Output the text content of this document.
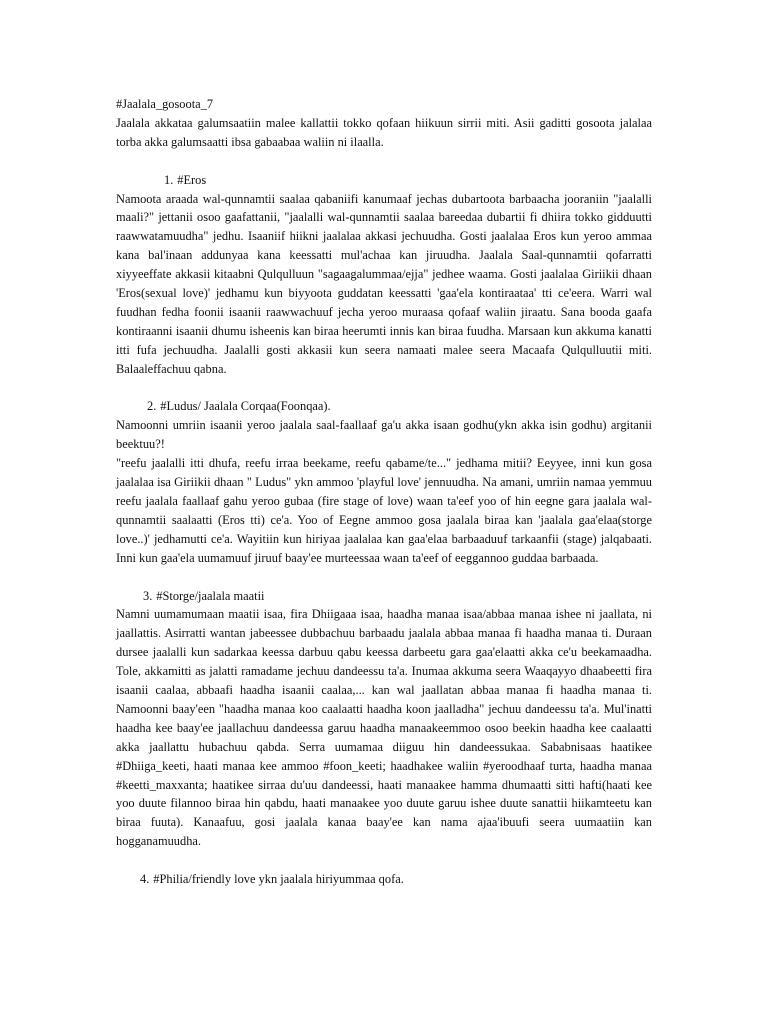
#Jaalala_gosoota_7

Jaalala akkataa galumsaatiin malee kallattii tokko qofaan hiikuun sirrii miti. Asii gaditti gosoota jalalaa torba akka galumsaatti ibsa gabaabaa waliin ni ilaalla.

1. #Eros

Namoota araada wal-qunnamtii saalaa qabaniifi kanumaaf jechas dubartoota barbaacha jooraniin "jaalalli maali?" jettanii osoo gaafattanii, "jaalalli wal-qunnamtii saalaa bareedaa dubartii fi dhiira tokko gidduutti raawwatamuudha" jedhu. Isaaniif hiikni jaalalaa akkasi jechuudha. Gosti jaalalaa Eros kun yeroo ammaa kana bal'inaan addunyaa kana keessatti mul'achaa kan jiruudha. Jaalala Saal-qunnamtii qofarratti xiyyeeffate akkasii kitaabni Qulqulluun "sagaagalummaa/ejja" jedhee waama. Gosti jaalalaa Giriikii dhaan 'Eros(sexual love)' jedhamu kun biyyoota guddatan keessatti 'gaa'ela kontiraataa' tti ce'eera. Warri wal fuudhan fedha foonii isaanii raawwachuuf jecha yeroo muraasa qofaaf waliin jiraatu. Sana booda gaafa kontiraanni isaanii dhumu isheenis kan biraa heerumti innis kan biraa fuudha. Marsaan kun akkuma kanatti itti fufa jechuudha. Jaalalli gosti akkasii kun seera namaati malee seera Macaafa Qulqulluutii miti. Balaaleffachuu qabna.

2. #Ludus/ Jaalala Corqaa(Foonqaa).

Namoonni umriin isaanii yeroo jaalala saal-faallaaf ga'u akka isaan godhu(ykn akka isin godhu) argitanii beektuu?!

"reefu jaalalli itti dhufa, reefu irraa beekame, reefu qabame/te..." jedhama mitii? Eeyyee, inni kun gosa jaalalaa isa Giriikii dhaan " Ludus" ykn ammoo 'playful love' jennuudha. Na amani, umriin namaa yemmuu reefu jaalala faallaaf gahu yeroo gubaa (fire stage of love) waan ta'eef yoo of hin eegne gara jaalala wal-qunnamtii saalaatti (Eros tti) ce'a. Yoo of Eegne ammoo gosa jaalala biraa kan 'jaalala gaa'elaa(storge love..)' jedhamutti ce'a. Wayitiin kun hiriyaa jaalalaa kan gaa'elaa barbaaduuf tarkaanfii (stage) jalqabaati. Inni kun gaa'ela uumamuuf jiruuf baay'ee murteessaa waan ta'eef of eeggannoo guddaa barbaada.

3. #Storge/jaalala maatii

Namni uumamumaan maatii isaa, fira Dhiigaaa isaa, haadha manaa isaa/abbaa manaa ishee ni jaallata, ni jaallattis. Asirratti wantan jabeessee dubbachuu barbaadu jaalala abbaa manaa fi haadha manaa ti. Duraan dursee jaalalli kun sadarkaa keessa darbuu qabu keessa darbeetu gara gaa'elaatti akka ce'u beekamaadha. Tole, akkamitti as jalatti ramadame jechuu dandeessu ta'a. Inumaa akkuma seera Waaqayyo dhaabeetti fira isaanii caalaa, abbaafi haadha isaanii caalaa,... kan wal jaallatan abbaa manaa fi haadha manaa ti. Namoonni baay'een "haadha manaa koo caalaatti haadha koon jaalladha" jechuu dandeessu ta'a. Mul'inatti haadha kee baay'ee jaallachuu dandeessa garuu haadha manaakeemmoo osoo beekin haadha kee caalaatti akka jaallattu hubachuu qabda. Serra uumamaa diiguu hin dandeessukaa. Sababnisaas haatikee #Dhiiga_keeti, haati manaa kee ammoo #foon_keeti; haadhakee waliin #yeroodhaaf turta, haadha manaa #keetti_maxxanta; haatikee sirraa du'uu dandeessi, haati manaakee hamma dhumaatti sitti hafti(haati kee yoo duute filannoo biraa hin qabdu, haati manaakee yoo duute garuu ishee duute sanattii hiikamteetu kan biraa fuuta). Kanaafuu, gosi jaalala kanaa baay'ee kan nama ajaa'ibuufi seera uumaatiin kan hogganamuudha.

4. #Philia/friendly love ykn jaalala hiriyummaa qofa.
